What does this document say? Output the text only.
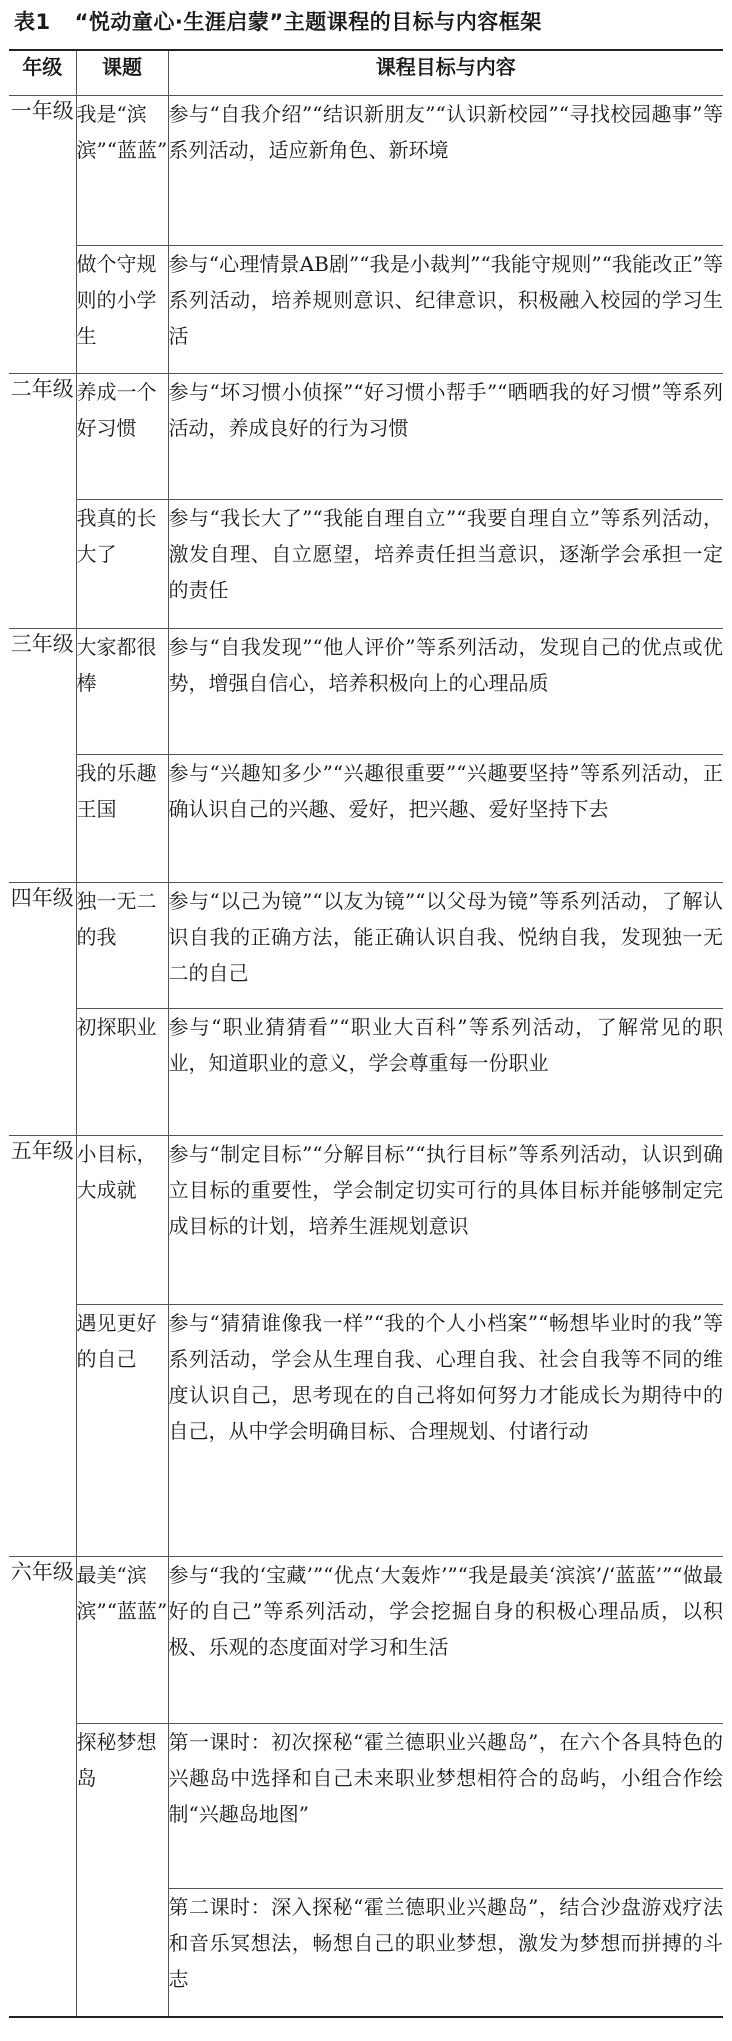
表1 “悦动童心·生涯启蒙”主题课程的目标与内容框架
年级	课题	课程目标与内容
一年级	我是“滨滨”“蓝蓝”	参与“自我介绍”“结识新朋友”“认识新校园”“寻找校园趣事”等系列活动，适应新角色、新环境
	做个守规则的小学生	参与“心理情景AB剧”“我是小裁判”“我能守规则”“我能改正”等系列活动，培养规则意识、纪律意识，积极融入校园的学习生活
二年级	养成一个好习惯	参与“坏习惯小侦探”“好习惯小帮手”“晒晒我的好习惯”等系列活动，养成良好的行为习惯
	我真的长大了	参与“我长大了”“我能自理自立”“我要自理自立”等系列活动，激发自理、自立愿望，培养责任担当意识，逐渐学会承担一定的责任
三年级	大家都很棒	参与“自我发现”“他人评价”等系列活动，发现自己的优点或优势，增强自信心，培养积极向上的心理品质
	我的乐趣王国	参与“兴趣知多少”“兴趣很重要”“兴趣要坚持”等系列活动，正确认识自己的兴趣、爱好，把兴趣、爱好坚持下去
四年级	独一无二的我	参与“以己为镜”“以友为镜”“以父母为镜”等系列活动，了解认识自我的正确方法，能正确认识自我、悦纳自我，发现独一无二的自己
	初探职业	参与“职业猜猜看”“职业大百科”等系列活动，了解常见的职业，知道职业的意义，学会尊重每一份职业
五年级	小目标，大成就	参与“制定目标”“分解目标”“执行目标”等系列活动，认识到确立目标的重要性，学会制定切实可行的具体目标并能够制定完成目标的计划，培养生涯规划意识
	遇见更好的自己	参与“猜猜谁像我一样”“我的个人小档案”“畅想毕业时的我”等系列活动，学会从生理自我、心理自我、社会自我等不同的维度认识自己，思考现在的自己将如何努力才能成长为期待中的自己，从中学会明确目标、合理规划、付诸行动
六年级	最美“滨滨”“蓝蓝”	参与“我的‘宝藏’”“优点‘大轰炸’”“我是最美‘滨滨’/‘蓝蓝’”“做最好的自己”等系列活动，学会挖掘自身的积极心理品质，以积极、乐观的态度面对学习和生活
	探秘梦想岛	第一课时：初次探秘“霍兰德职业兴趣岛”，在六个各具特色的兴趣岛中选择和自己未来职业梦想相符合的岛屿，小组合作绘制“兴趣岛地图”
		第二课时：深入探秘“霍兰德职业兴趣岛”，结合沙盘游戏疗法和音乐冥想法，畅想自己的职业梦想，激发为梦想而拼搏的斗志
